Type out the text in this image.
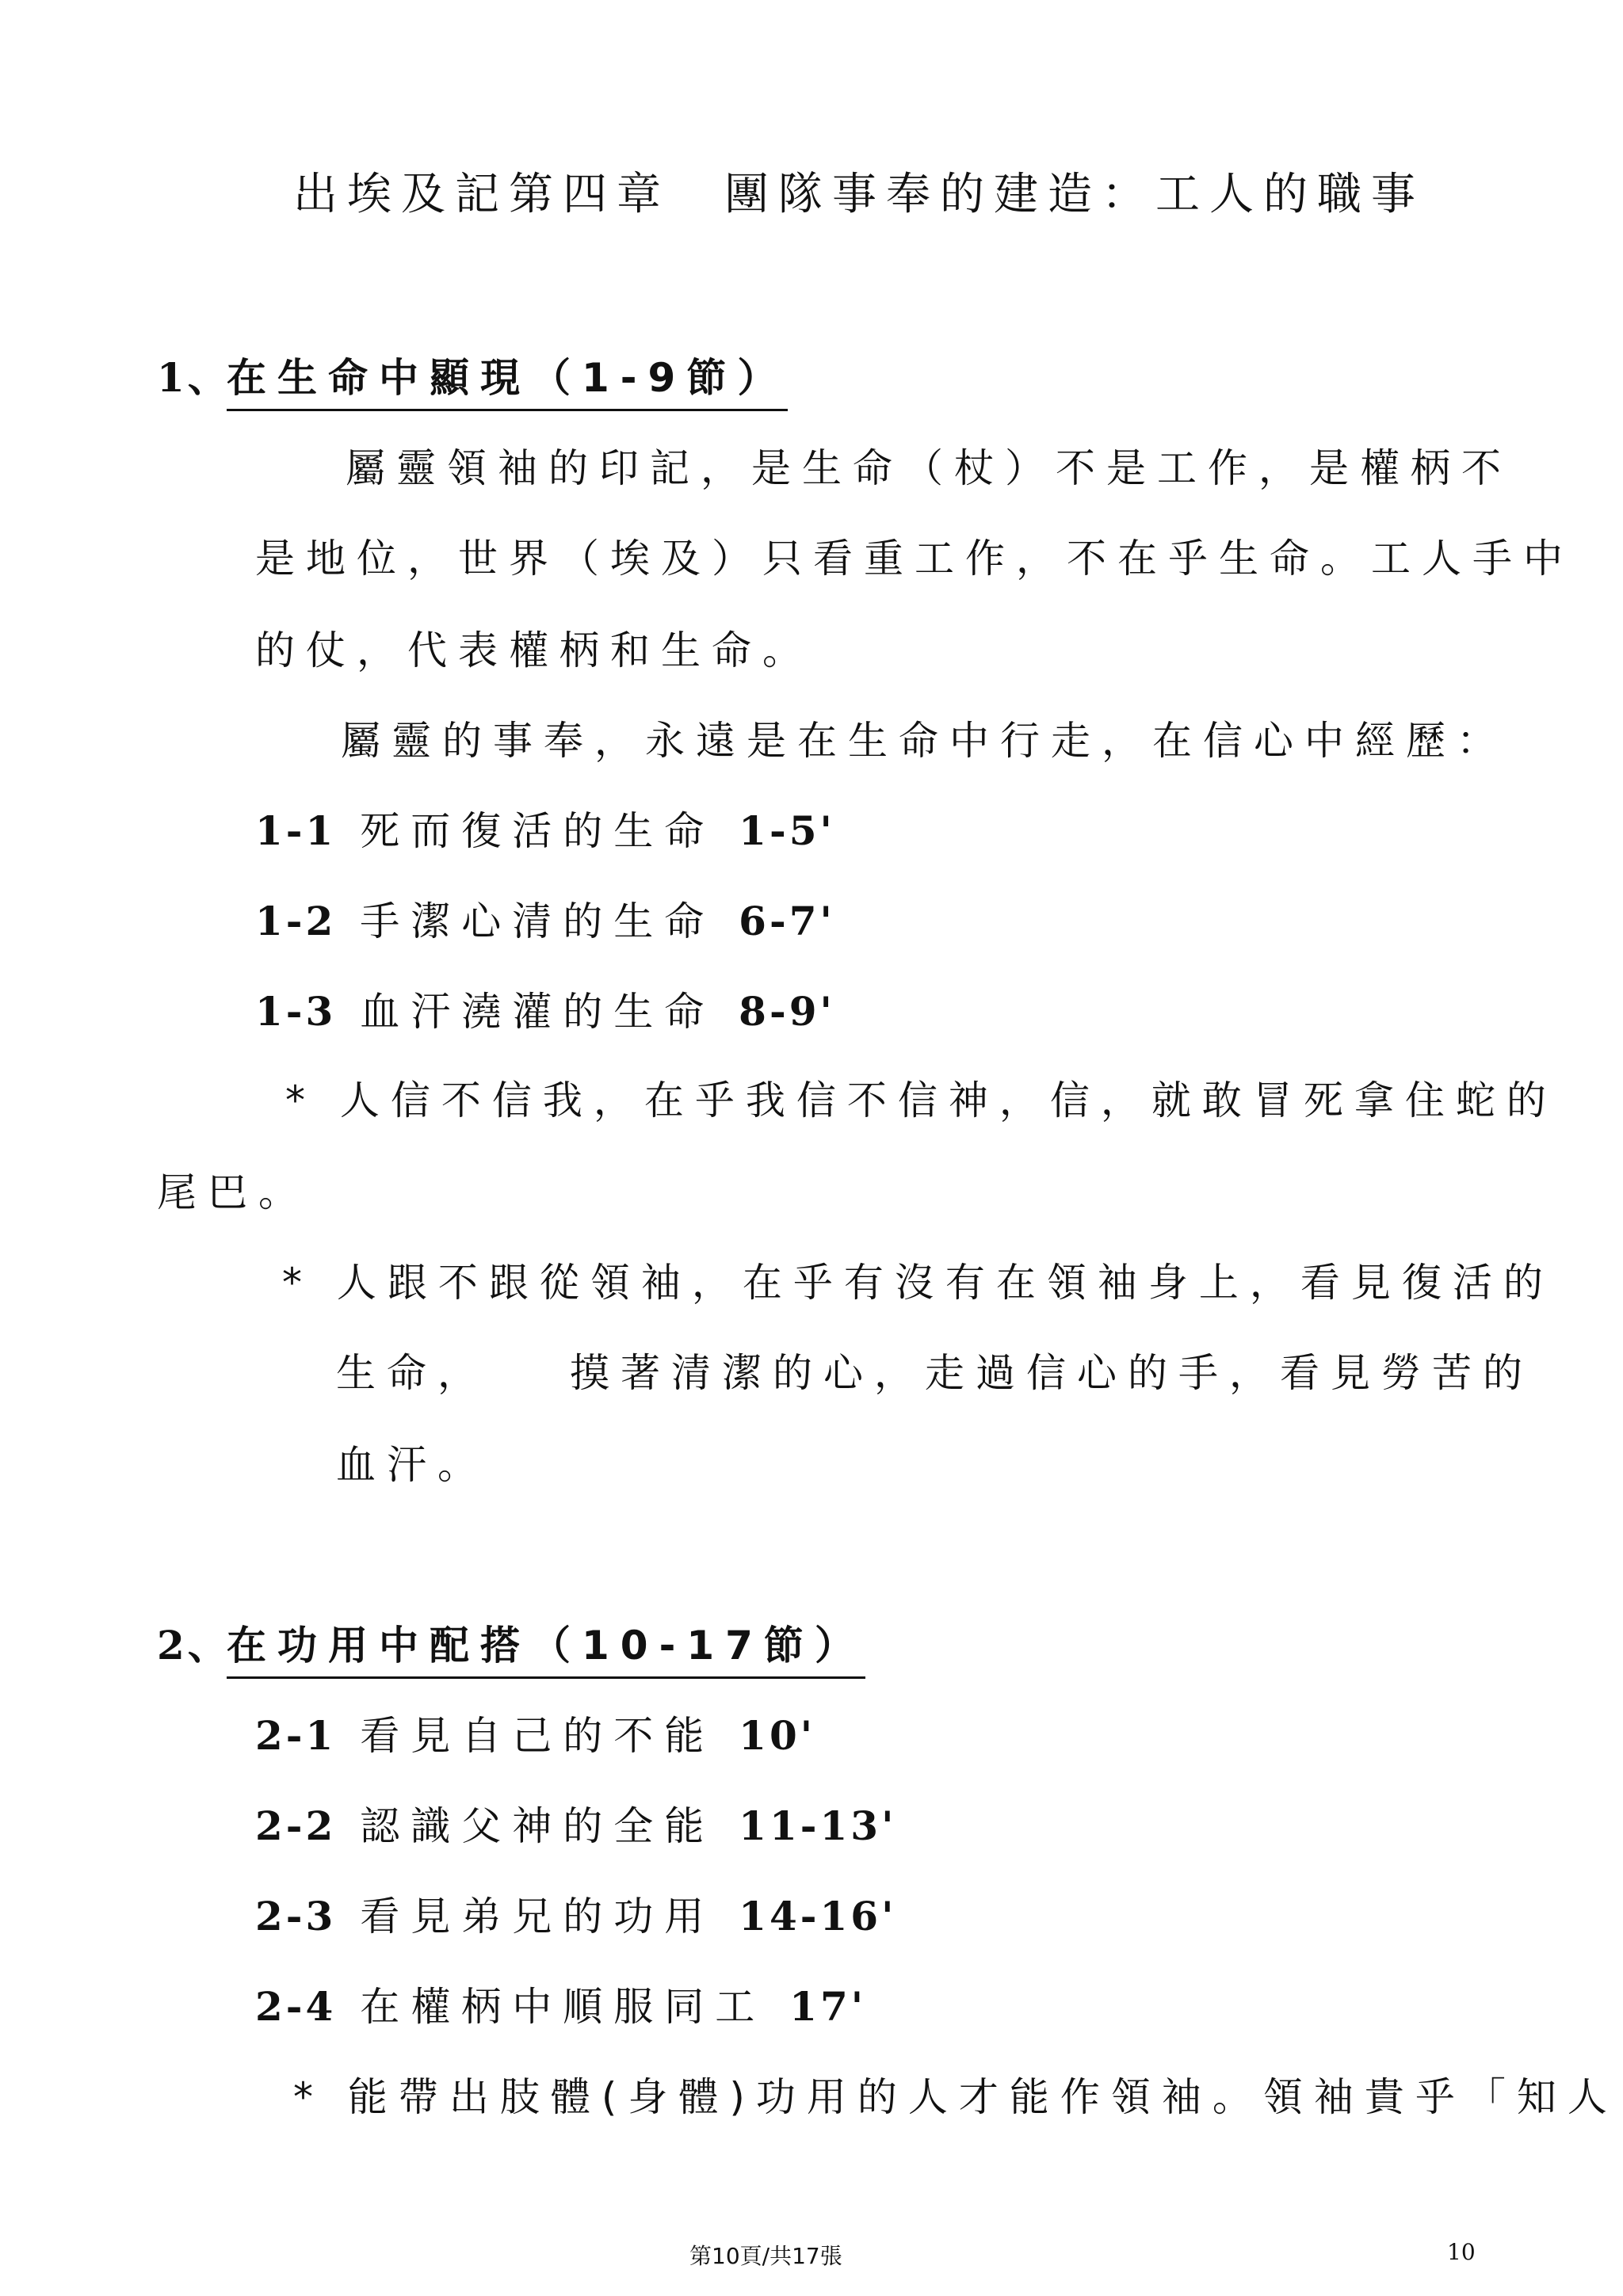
出埃及記第四章　團隊事奉的建造：工人的職事
1、
在生命中顯現（1-9節）
屬靈領袖的印記，是生命（杖）不是工作，是權柄不
是地位，世界（埃及）只看重工作，不在乎生命。工人手中
的仗，代表權柄和生命。
屬靈的事奉，永遠是在生命中行走，在信心中經歷：
1-1 死而復活的生命 1-5'
1-2 手潔心清的生命 6-7'
1-3 血汗澆灌的生命 8-9'
* 人信不信我，在乎我信不信神，信，就敢冒死拿住蛇的
尾巴。
* 人跟不跟從領袖，在乎有沒有在領袖身上，看見復活的
生命，　　摸著清潔的心，走過信心的手，看見勞苦的
血汗。
2、
在功用中配搭（10-17節）
2-1 看見自己的不能 10'
2-2 認識父神的全能 11-13'
2-3 看見弟兄的功用 14-16'
2-4 在權柄中順服同工 17'
* 能帶出肢體(身體)功用的人才能作領袖。領袖貴乎「知人
第10頁/共17張	10
